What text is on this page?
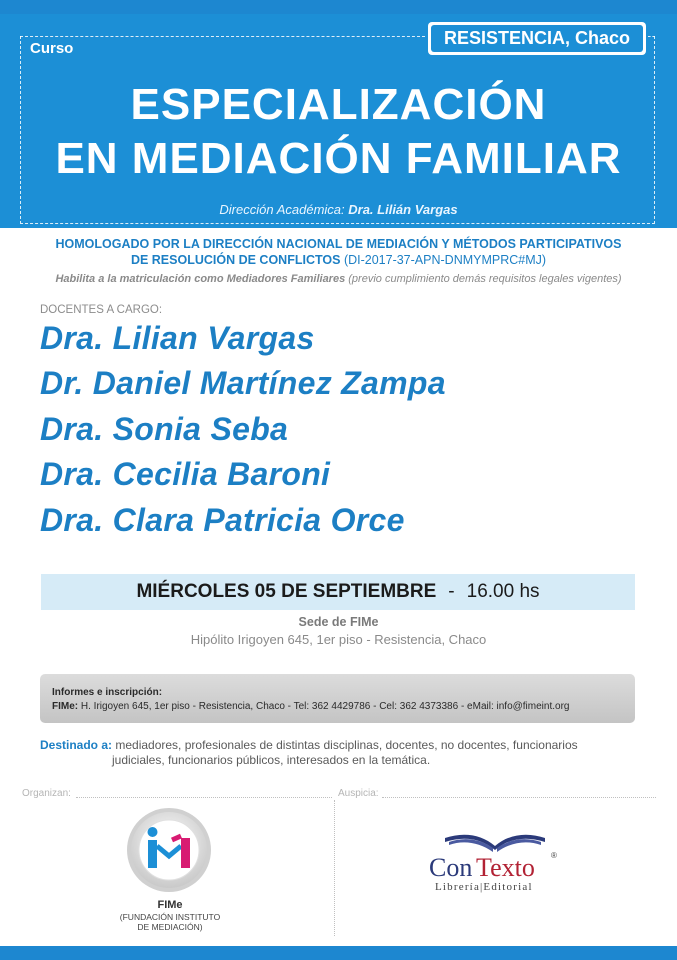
Curso
RESISTENCIA, Chaco
ESPECIALIZACIÓN
EN MEDIACIÓN FAMILIAR
Dirección Académica: Dra. Lilián Vargas
HOMOLOGADO POR LA DIRECCIÓN NACIONAL DE MEDIACIÓN Y MÉTODOS PARTICIPATIVOS
DE RESOLUCIÓN DE CONFLICTOS (DI-2017-37-APN-DNMYMPRC#MJ)
Habilita a la matriculación como Mediadores Familiares (previo cumplimiento demás requisitos legales vigentes)
DOCENTES A CARGO:
Dra. Lilian Vargas
Dr. Daniel Martínez Zampa
Dra. Sonia Seba
Dra. Cecilia Baroni
Dra. Clara Patricia Orce
MIÉRCOLES 05 DE SEPTIEMBRE - 16.00 hs
Sede de FIMe
Hipólito Irigoyen 645, 1er piso - Resistencia, Chaco
Informes e inscripción:
FIMe: H. Irigoyen 645, 1er piso - Resistencia, Chaco - Tel: 362 4429786 - Cel: 362 4373386 - eMail: info@fimeint.org
Destinado a: mediadores, profesionales de distintas disciplinas, docentes, no docentes, funcionarios
judiciales, funcionarios públicos, interesados en la temática.
Organizan:	Auspicia:
FIMe
(FUNDACIÓN INSTITUTO
DE MEDIACIÓN)
Con Texto ®
Librería|Editorial
